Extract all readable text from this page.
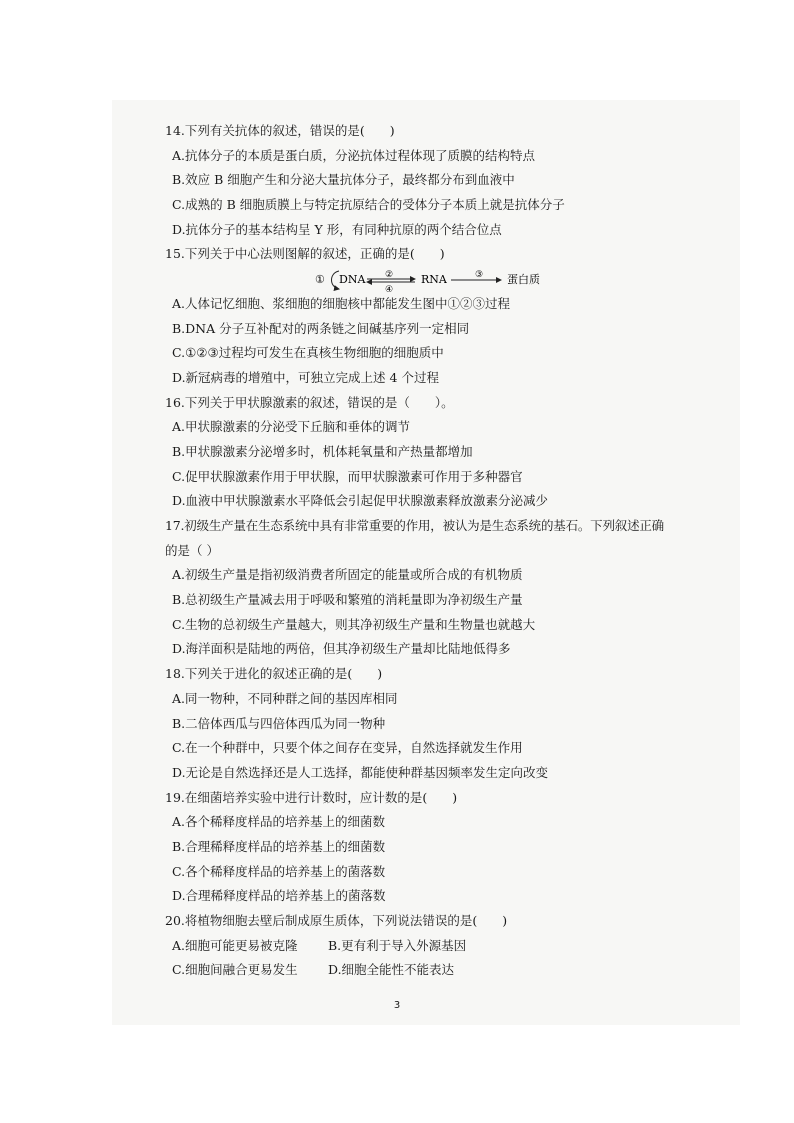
14.下列有关抗体的叙述，错误的是(　　)
A.抗体分子的本质是蛋白质，分泌抗体过程体现了质膜的结构特点
B.效应 B 细胞产生和分泌大量抗体分子，最终都分布到血液中
C.成熟的 B 细胞质膜上与特定抗原结合的受体分子本质上就是抗体分子
D.抗体分子的基本结构呈 Y 形，有同种抗原的两个结合位点
15.下列关于中心法则图解的叙述，正确的是(　　)
① DNA ②
④
RNA	③ 蛋白质
A.人体记忆细胞、浆细胞的细胞核中都能发生图中①②③过程
B.DNA 分子互补配对的两条链之间碱基序列一定相同
C.①②③过程均可发生在真核生物细胞的细胞质中
D.新冠病毒的增殖中，可独立完成上述 4 个过程
16.下列关于甲状腺激素的叙述，错误的是（　　）。
A.甲状腺激素的分泌受下丘脑和垂体的调节
B.甲状腺激素分泌增多时，机体耗氧量和产热量都增加
C.促甲状腺激素作用于甲状腺，而甲状腺激素可作用于多种器官
D.血液中甲状腺激素水平降低会引起促甲状腺激素释放激素分泌减少
17.初级生产量在生态系统中具有非常重要的作用，被认为是生态系统的基石。下列叙述正确
的是（ ）
A.初级生产量是指初级消费者所固定的能量或所合成的有机物质
B.总初级生产量减去用于呼吸和繁殖的消耗量即为净初级生产量
C.生物的总初级生产量越大，则其净初级生产量和生物量也就越大
D.海洋面积是陆地的两倍，但其净初级生产量却比陆地低得多
18.下列关于进化的叙述正确的是(　　)
A.同一物种，不同种群之间的基因库相同
B.二倍体西瓜与四倍体西瓜为同一物种
C.在一个种群中，只要个体之间存在变异，自然选择就发生作用
D.无论是自然选择还是人工选择，都能使种群基因频率发生定向改变
19.在细菌培养实验中进行计数时，应计数的是(　　)
A.各个稀释度样品的培养基上的细菌数
B.合理稀释度样品的培养基上的细菌数
C.各个稀释度样品的培养基上的菌落数
D.合理稀释度样品的培养基上的菌落数
20.将植物细胞去壁后制成原生质体，下列说法错误的是(　　)
A.细胞可能更易被克隆 B.更有利于导入外源基因
C.细胞间融合更易发生 D.细胞全能性不能表达
3
